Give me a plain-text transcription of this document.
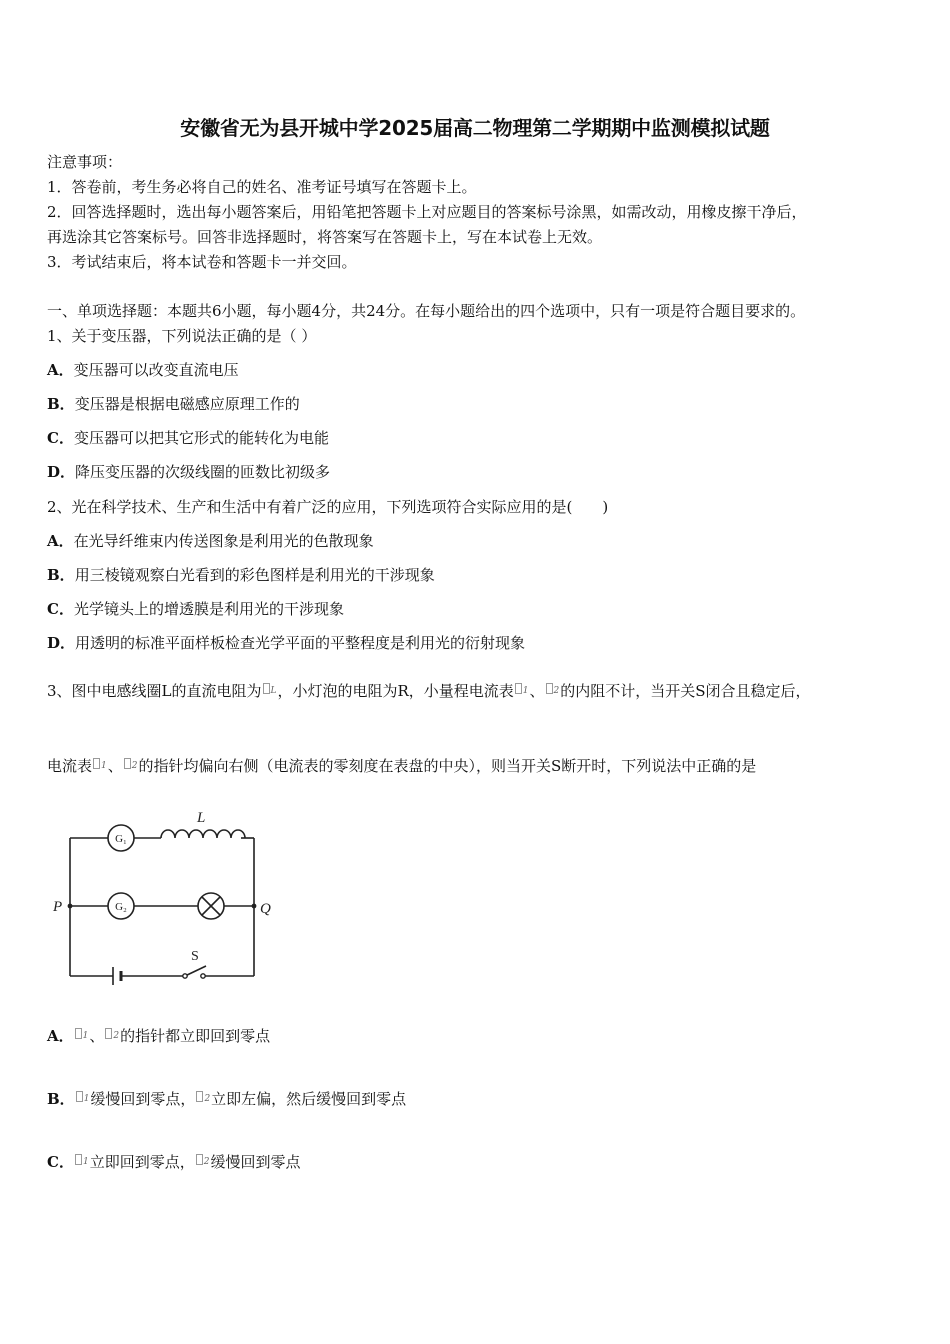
安徽省无为县开城中学2025届高二物理第二学期期中监测模拟试题
注意事项：
1．答卷前，考生务必将自己的姓名、准考证号填写在答题卡上。
2．回答选择题时，选出每小题答案后，用铅笔把答题卡上对应题目的答案标号涂黑，如需改动，用橡皮擦干净后，
再选涂其它答案标号。回答非选择题时，将答案写在答题卡上，写在本试卷上无效。
3．考试结束后，将本试卷和答题卡一并交回。
一、单项选择题：本题共6小题，每小题4分，共24分。在每小题给出的四个选项中，只有一项是符合题目要求的。
1、关于变压器，下列说法正确的是（ ）
A．变压器可以改变直流电压
B．变压器是根据电磁感应原理工作的
C．变压器可以把其它形式的能转化为电能
D．降压变压器的次级线圈的匝数比初级多
2、光在科学技术、生产和生活中有着广泛的应用，下列选项符合实际应用的是(　　)
A．在光导纤维束内传送图象是利用光的色散现象
B．用三棱镜观察白光看到的彩色图样是利用光的干涉现象
C．光学镜头上的增透膜是利用光的干涉现象
D．用透明的标准平面样板检查光学平面的平整程度是利用光的衍射现象
3、图中电感线圈L的直流电阻为 $^L$，小灯泡的电阻为R，小量程电流表 $^1$、 $^2$的内阻不计，当开关S闭合且稳定后，
电流表 $^1$、 $^2$的指针均偏向右侧（电流表的零刻度在表盘的中央），则当开关S断开时，下列说法中正确的是
L
P	Q
S
G₁
G₂
A． $^1$、 $^2$的指针都立即回到零点
B． $^1$缓慢回到零点， $^2$立即左偏，然后缓慢回到零点
C． $^1$立即回到零点， $^2$缓慢回到零点
